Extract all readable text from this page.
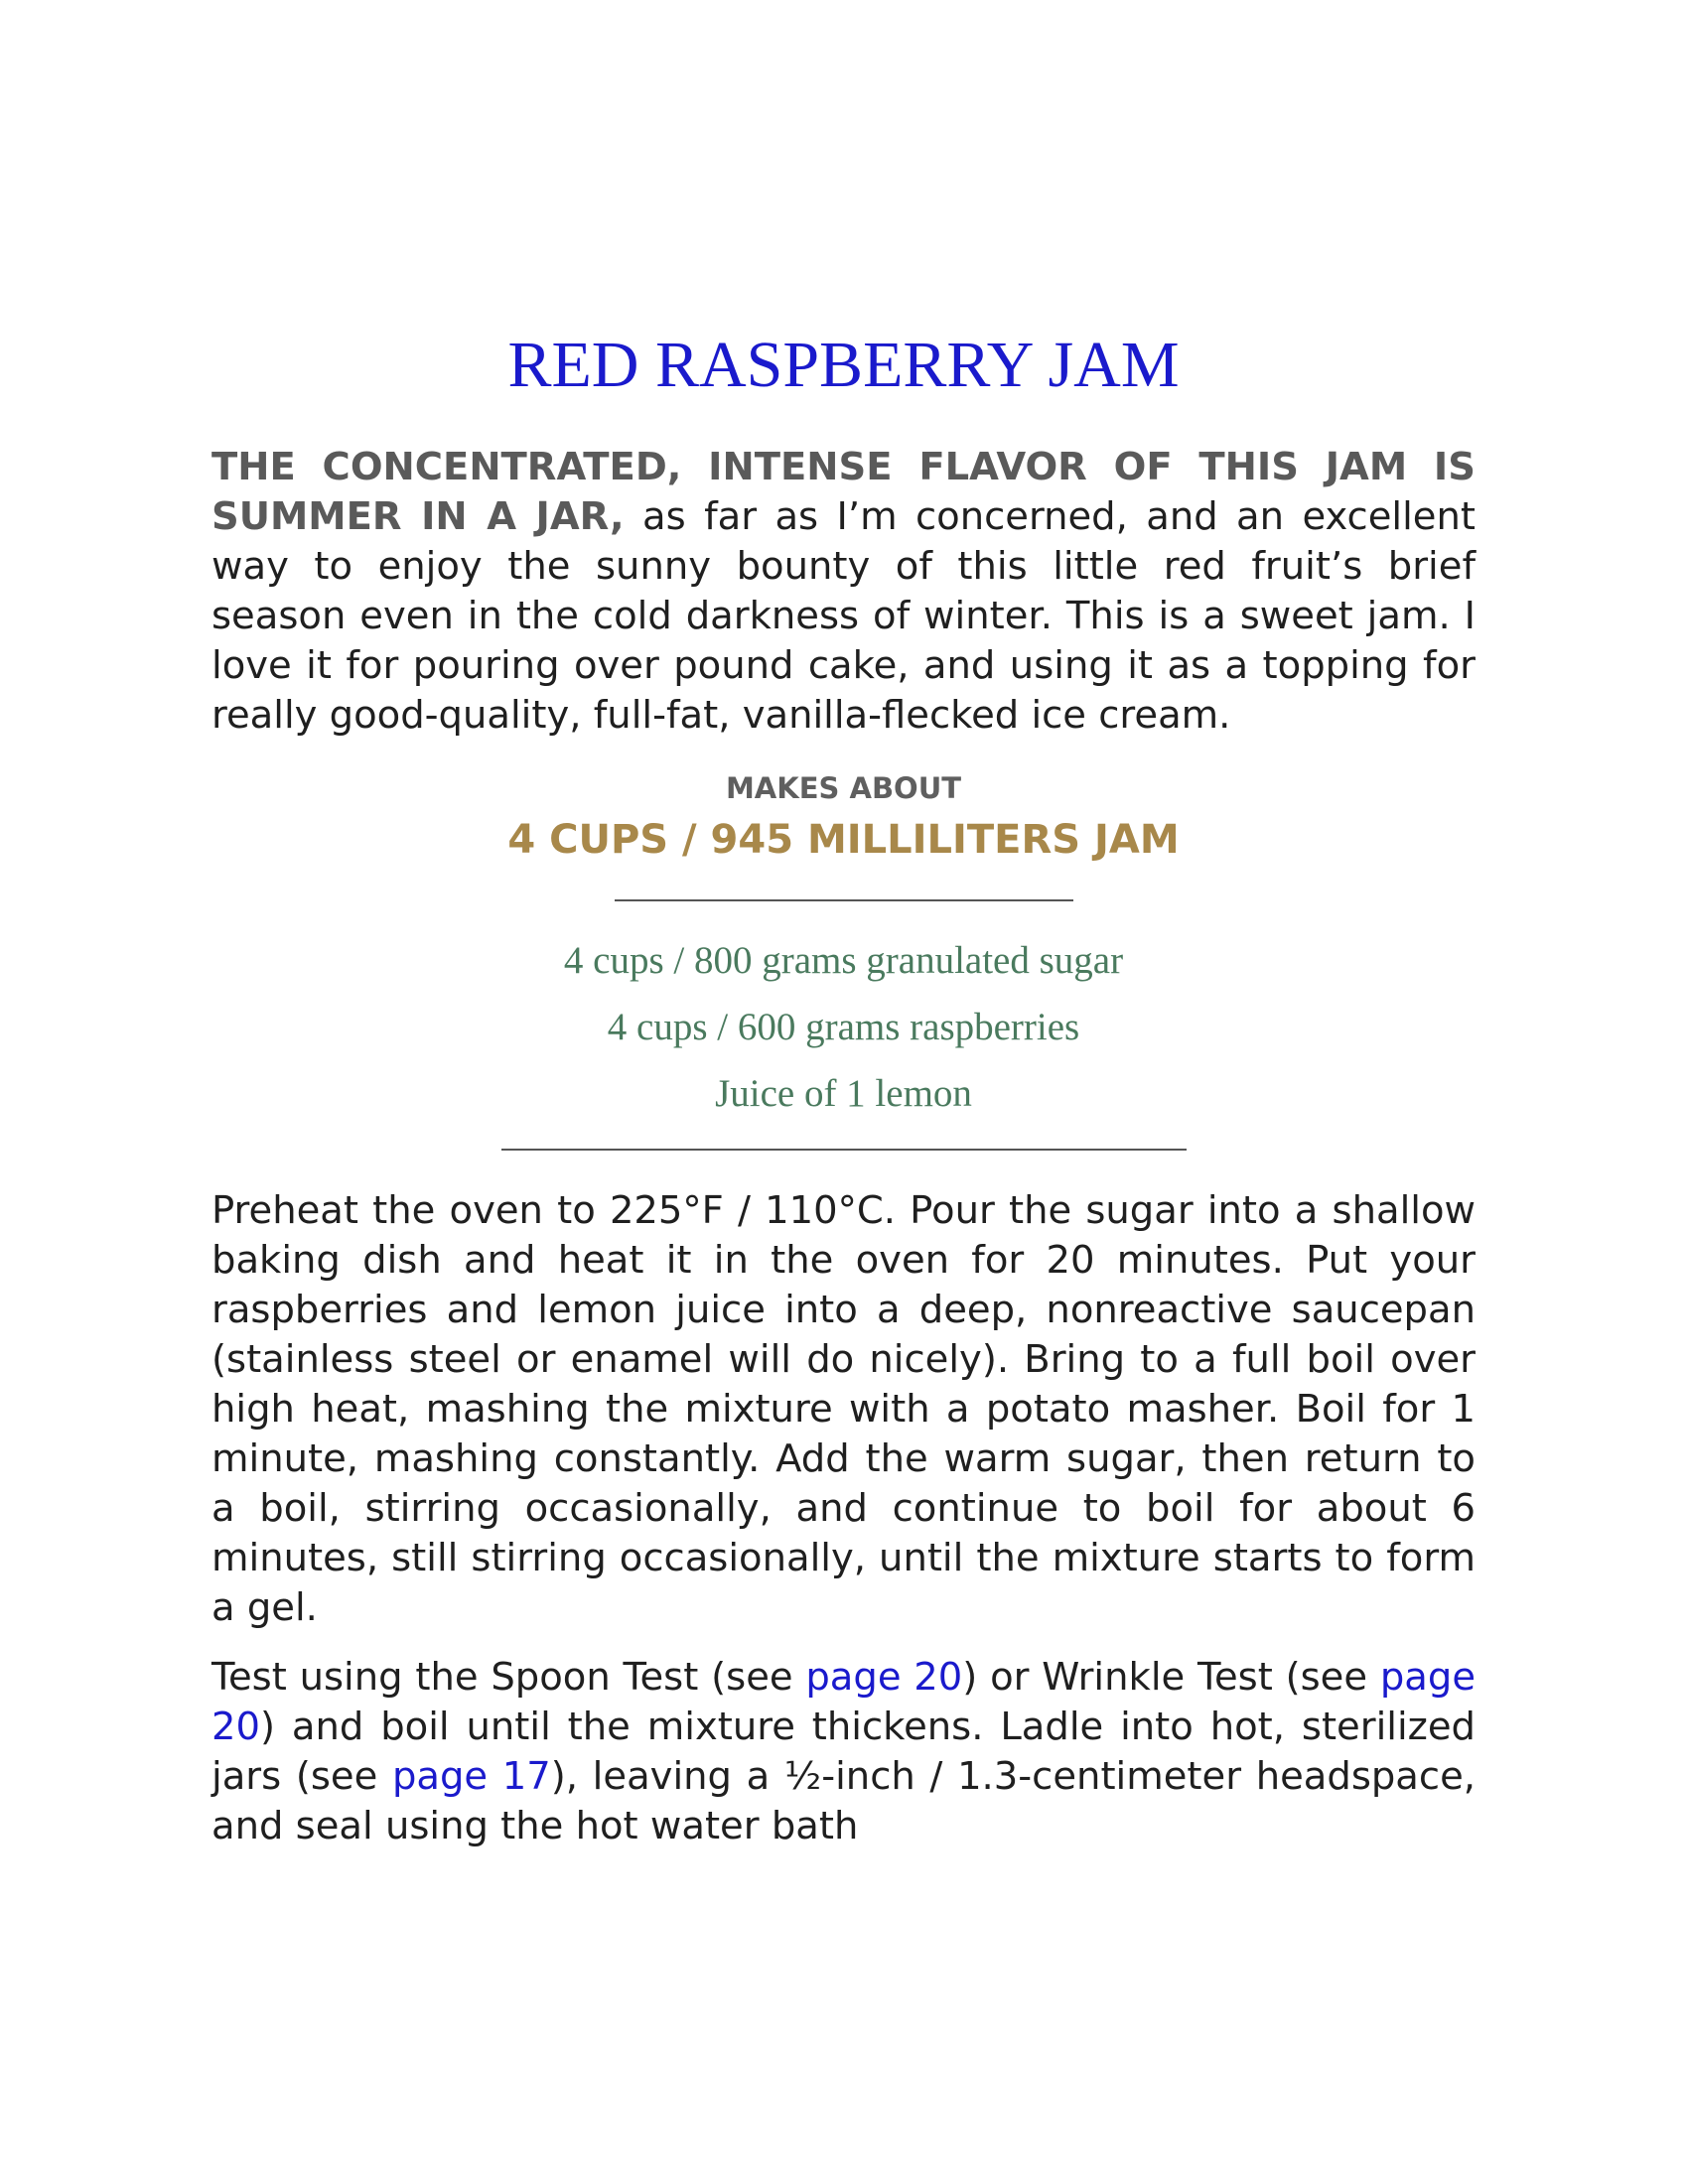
RED RASPBERRY JAM

THE CONCENTRATED, INTENSE FLAVOR OF THIS JAM IS SUMMER IN A JAR, as far as I’m concerned, and an excellent way to enjoy the sunny bounty of this little red fruit’s brief season even in the cold darkness of winter. This is a sweet jam. I love it for pouring over pound cake, and using it as a topping for really good-quality, full-fat, vanilla-flecked ice cream.

MAKES ABOUT
4 CUPS / 945 MILLILITERS JAM
4 cups / 800 grams granulated sugar
4 cups / 600 grams raspberries
Juice of 1 lemon

Preheat the oven to 225°F / 110°C. Pour the sugar into a shallow baking dish and heat it in the oven for 20 minutes. Put your raspberries and lemon juice into a deep, nonreactive saucepan (stainless steel or enamel will do nicely). Bring to a full boil over high heat, mashing the mixture with a potato masher. Boil for 1 minute, mashing constantly. Add the warm sugar, then return to a boil, stirring occasionally, and continue to boil for about 6 minutes, still stirring occasionally, until the mixture starts to form a gel.

Test using the Spoon Test (see page 20) or Wrinkle Test (see page 20) and boil until the mixture thickens. Ladle into hot, sterilized jars (see page 17), leaving a ½-inch / 1.3-centimeter headspace, and seal using the hot water bath
